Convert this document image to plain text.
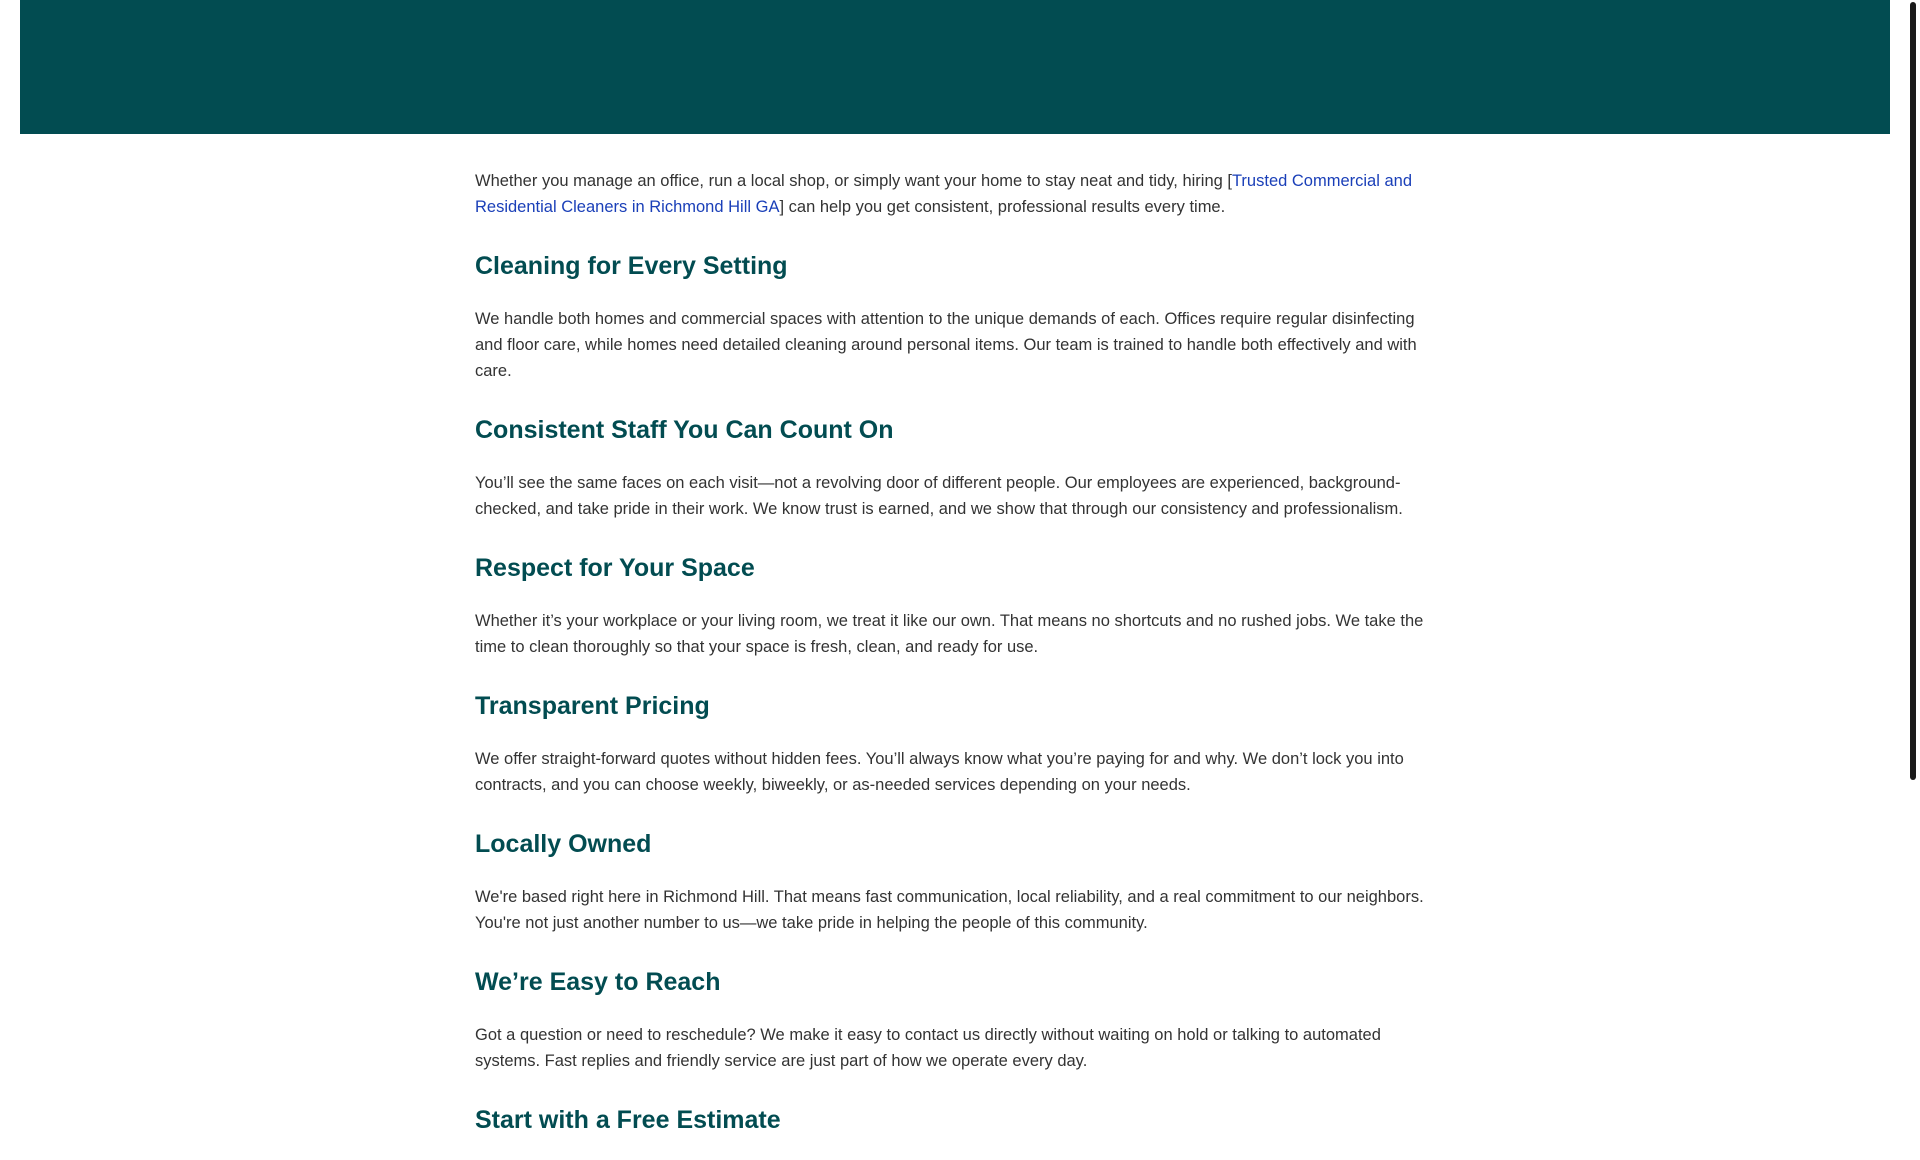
Whether you manage an office, run a local shop, or simply want your home to stay neat and tidy, hiring [Trusted Commercial and Residential Cleaners in Richmond Hill GA] can help you get consistent, professional results every time.

Cleaning for Every Setting

We handle both homes and commercial spaces with attention to the unique demands of each. Offices require regular disinfecting and floor care, while homes need detailed cleaning around personal items. Our team is trained to handle both effectively and with care.

Consistent Staff You Can Count On

You’ll see the same faces on each visit—not a revolving door of different people. Our employees are experienced, background-checked, and take pride in their work. We know trust is earned, and we show that through our consistency and professionalism.

Respect for Your Space

Whether it’s your workplace or your living room, we treat it like our own. That means no shortcuts and no rushed jobs. We take the time to clean thoroughly so that your space is fresh, clean, and ready for use.

Transparent Pricing

We offer straight-forward quotes without hidden fees. You’ll always know what you’re paying for and why. We don’t lock you into contracts, and you can choose weekly, biweekly, or as-needed services depending on your needs.

Locally Owned

We're based right here in Richmond Hill. That means fast communication, local reliability, and a real commitment to our neighbors. You're not just another number to us—we take pride in helping the people of this community.

We’re Easy to Reach

Got a question or need to reschedule? We make it easy to contact us directly without waiting on hold or talking to automated systems. Fast replies and friendly service are just part of how we operate every day.

Start with a Free Estimate
